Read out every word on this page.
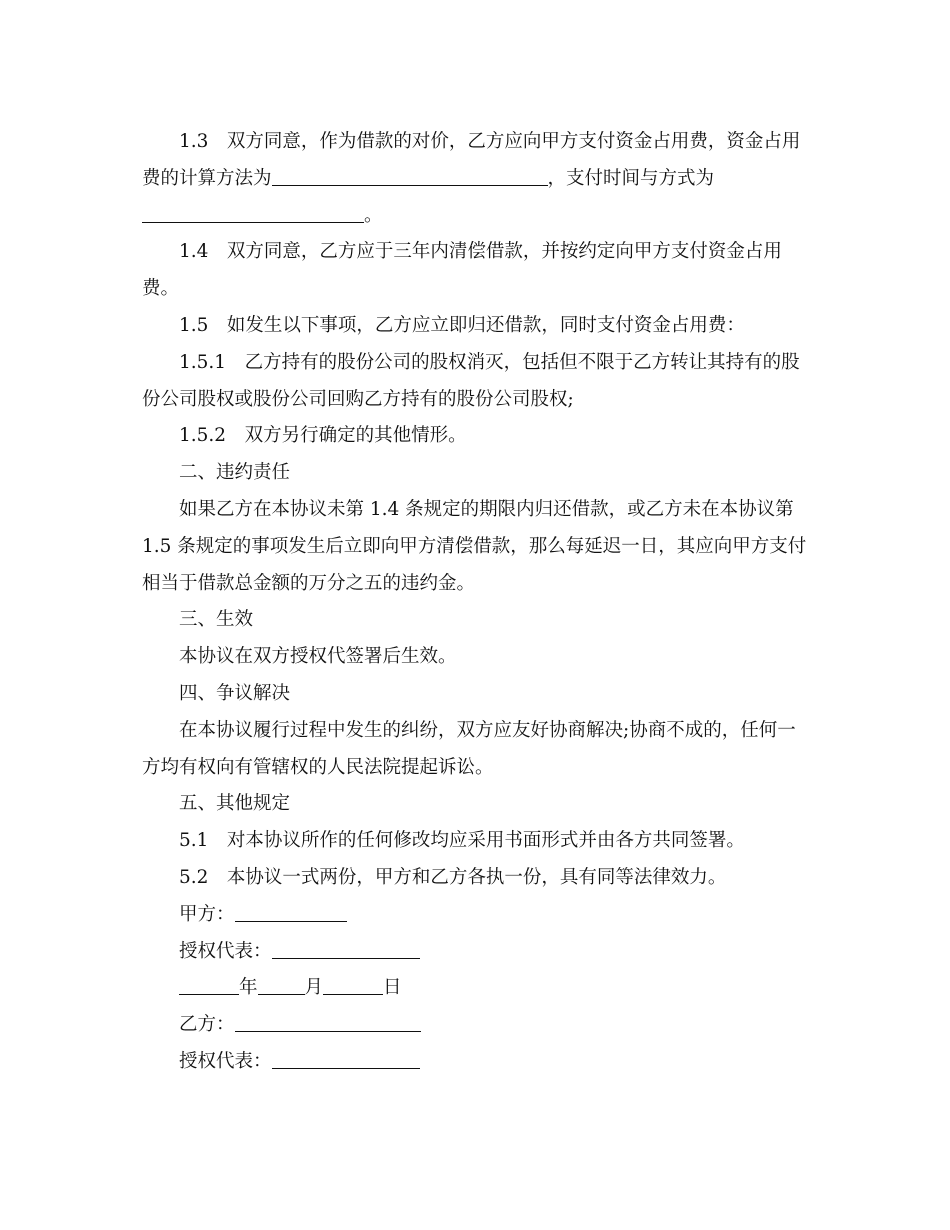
1.3　双方同意，作为借款的对价，乙方应向甲方支付资金占用费，资金占用

费的计算方法为	，支付时间与方式为

。

1.4　双方同意，乙方应于三年内清偿借款，并按约定向甲方支付资金占用

费。

1.5　如发生以下事项，乙方应立即归还借款，同时支付资金占用费：

1.5.1　乙方持有的股份公司的股权消灭，包括但不限于乙方转让其持有的股

份公司股权或股份公司回购乙方持有的股份公司股权;

1.5.2　双方另行确定的其他情形。

二、违约责任

如果乙方在本协议未第 1.4 条规定的期限内归还借款，或乙方未在本协议第

1.5 条规定的事项发生后立即向甲方清偿借款，那么每延迟一日，其应向甲方支付

相当于借款总金额的万分之五的违约金。

三、生效

本协议在双方授权代签署后生效。

四、争议解决

在本协议履行过程中发生的纠纷，双方应友好协商解决;协商不成的，任何一

方均有权向有管辖权的人民法院提起诉讼。

五、其他规定

5.1　对本协议所作的任何修改均应采用书面形式并由各方共同签署。

5.2　本协议一式两份，甲方和乙方各执一份，具有同等法律效力。

甲方：

授权代表：

年	月	日

乙方：

授权代表：
